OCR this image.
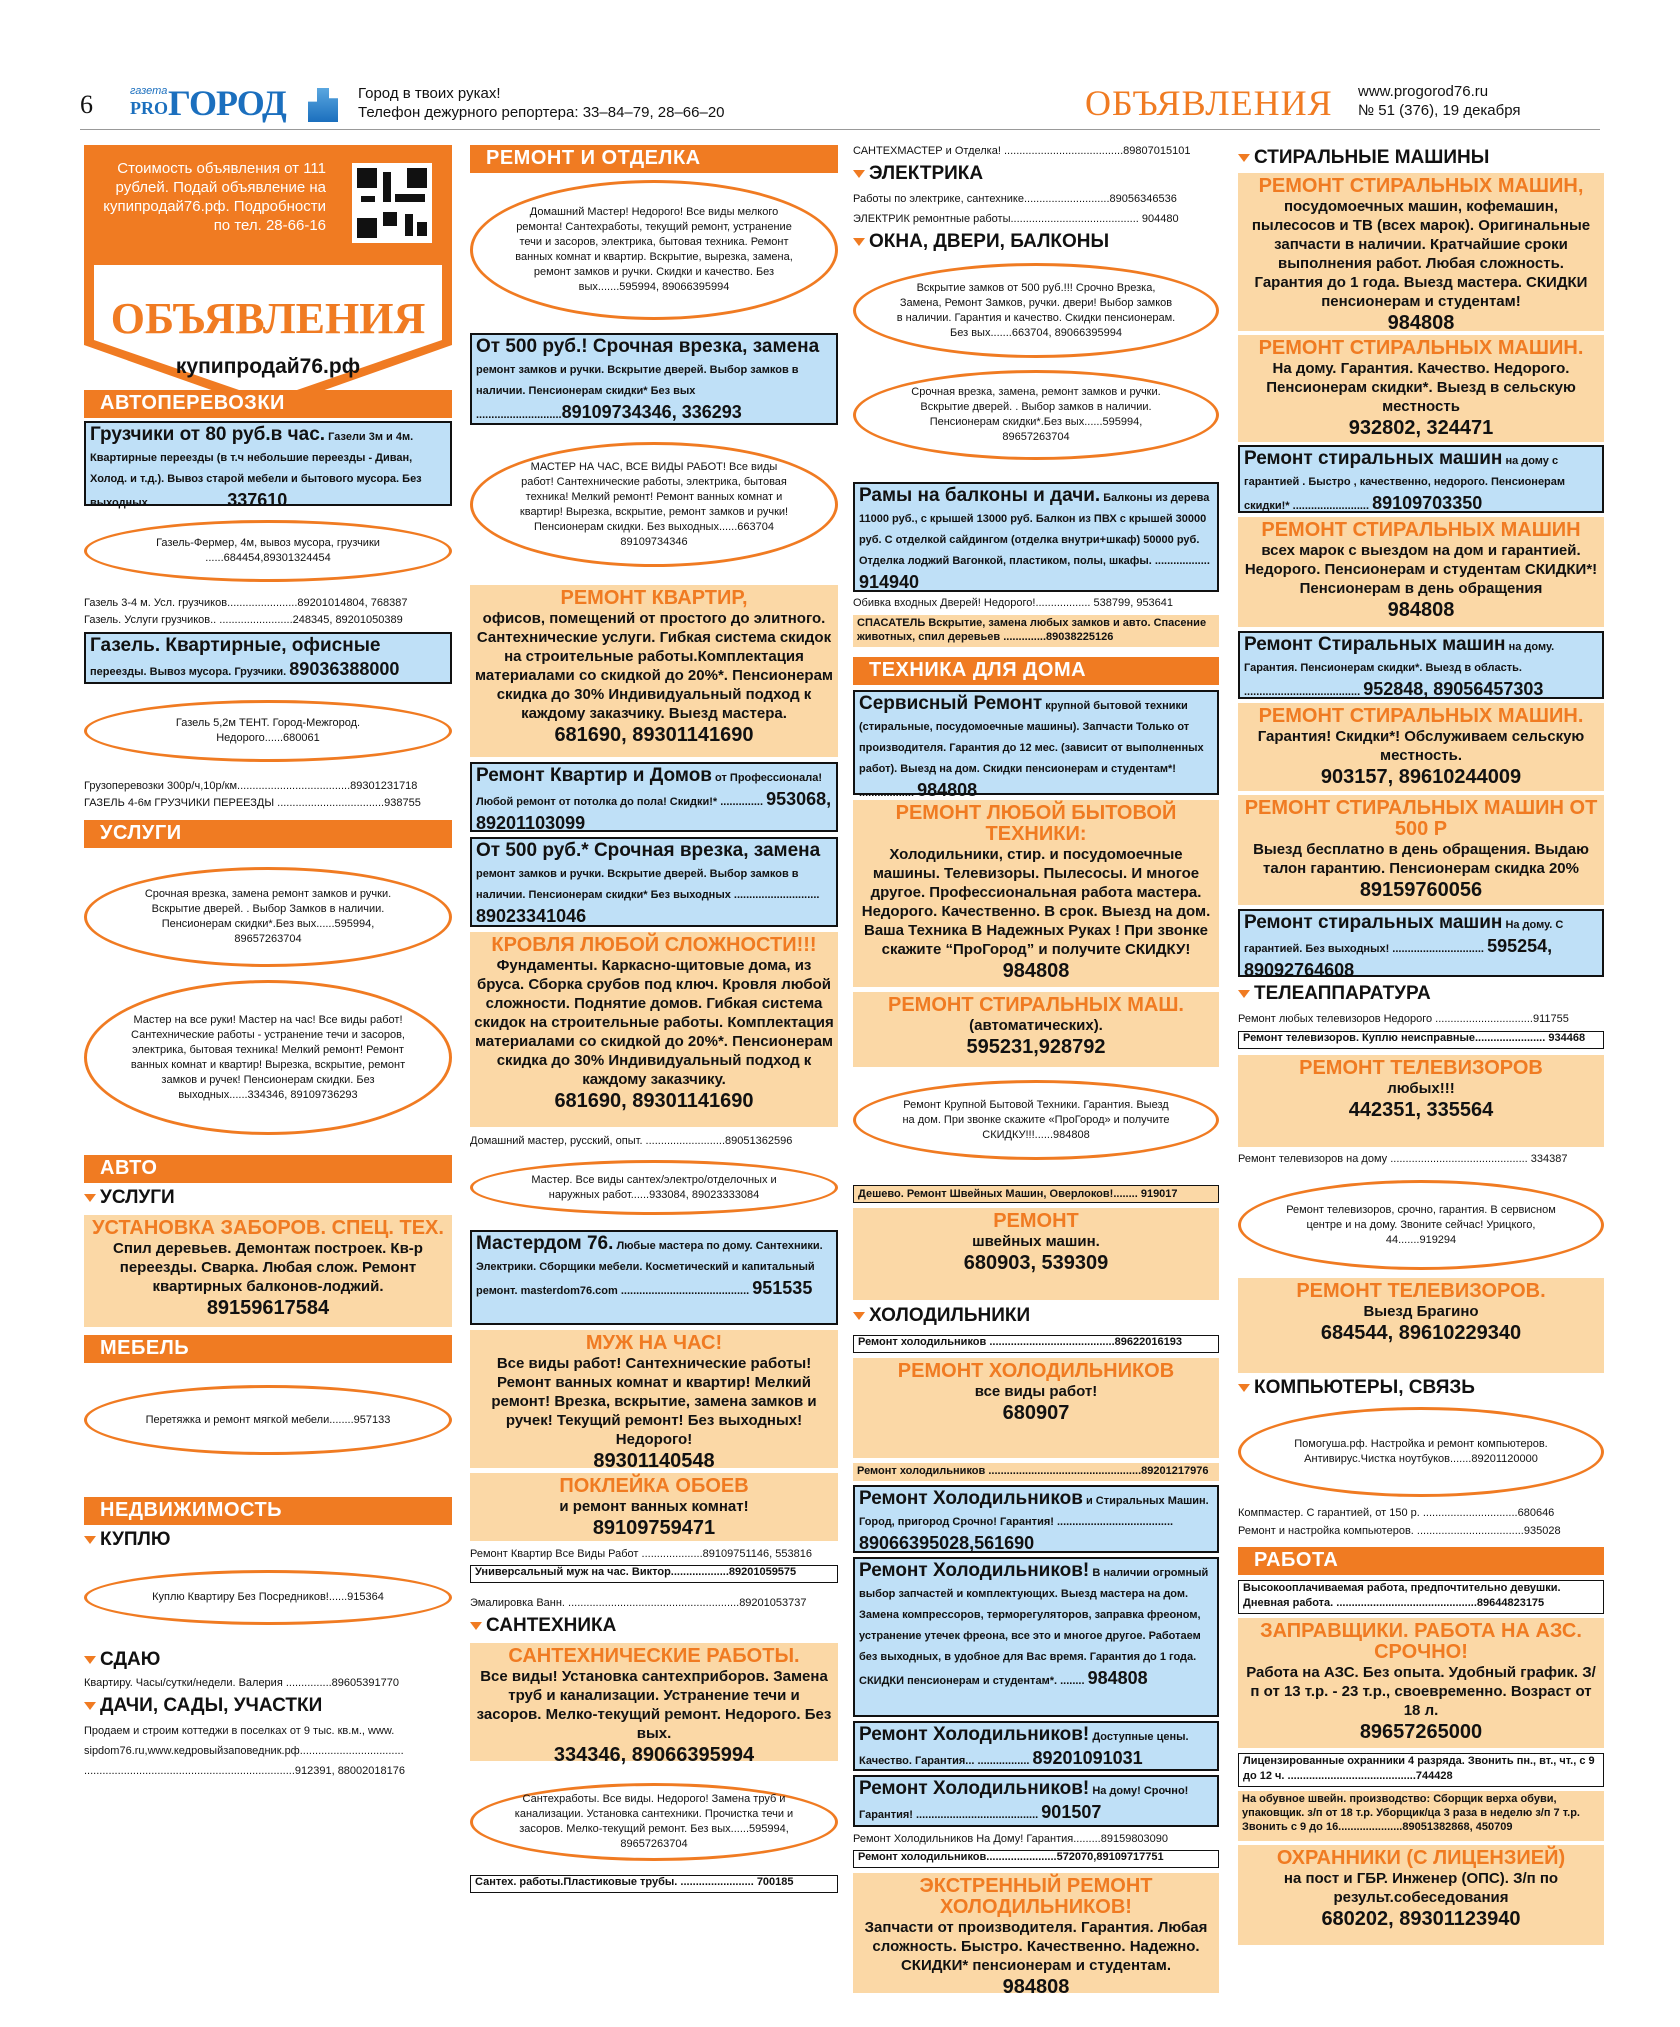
6	газета
PRO ГОРОД	Город в твоих руках!
Телефон дежурного репортера: 33–84–79, 28–66–20	ОБЪЯВЛЕНИЯ www.progorod76.ru
№ 51 (376), 19 декабря
Стоимость объявления от 111 рублей. Подай объявление на купипродай76.рф. Подробности по тел. 28-66-16
ОБЪЯВЛЕНИЯ
купипродай76.рф
АВТОПЕРЕВОЗКИ
Грузчики от 80 руб.в час. Газели 3м и 4м. Квартирные переезды (в т.ч небольшие переезды - Диван, Холод. и т.д.). Вывоз старой мебели и бытового мусора. Без выходных ........................ 337610
Газель-Фермер, 4м, вывоз мусора, грузчики ......684454,89301324454
Газель 3-4 м. Усл. грузчиков.......................89201014804, 768387
Газель. Услуги грузчиков.. ........................248345, 89201050389
Газель. Квартирные, офисные
переезды. Вывоз мусора. Грузчики. 89036388000
Газель 5,2м ТЕНТ. Город-Межгород. Недорого......680061
Грузоперевозки 300р/ч,10р/км.....................................89301231718
ГАЗЕЛЬ 4-6м ГРУЗЧИКИ ПЕРЕЕЗДЫ ...................................938755
УСЛУГИ
Срочная врезка, замена ремонт замков и ручки. Вскрытие дверей. . Выбор Замков в наличии. Пенсионерам скидки*.Без вых......595994, 89657263704
Мастер на все руки! Мастер на час! Все виды работ! Сантехнические работы - устранение течи и засоров, электрика, бытовая техника! Мелкий ремонт! Ремонт ванных комнат и квартир! Вырезка, вскрытие, ремонт замков и ручек! Пенсионерам скидки. Без выходных......334346, 89109736293
АВТО
УСЛУГИ
УСТАНОВКА ЗАБОРОВ. СПЕЦ. ТЕХ.
Спил деревьев. Демонтаж построек. Кв-р переезды. Сварка. Любая слож. Ремонт квартирных балконов-лоджий.
89159617584
МЕБЕЛЬ
Перетяжка и ремонт мягкой мебели........957133
НЕДВИЖИМОСТЬ
КУПЛЮ
Куплю Квартиру Без Посредников!......915364
СДАЮ
Квартиру. Часы/сутки/недели. Валерия ...............89605391770
ДАЧИ, САДЫ, УЧАСТКИ
Продаем и строим коттеджи в поселках от 9 тыс. кв.м., www.
sipdom76.ru,www.кедровыйзаповедник.рф..................................
.....................................................................912391, 88002018176
РЕМОНТ И ОТДЕЛКА
Домашний Мастер! Недорого! Все виды мелкого ремонта! Сантехработы, текущий ремонт, устранение течи и засоров, электрика, бытовая техника. Ремонт ванных комнат и квартир. Вскрытие, вырезка, замена, ремонт замков и ручки. Скидки и качество. Без вых.......595994, 89066395994
От 500 руб.! Срочная врезка, замена
ремонт замков и ручки. Вскрытие дверей. Выбор замков в наличии. Пенсионерам скидки* Без вых ............................89109734346, 336293
МАСТЕР НА ЧАС, ВСЕ ВИДЫ РАБОТ! Все виды работ! Сантехнические работы, электрика, бытовая техника! Мелкий ремонт! Ремонт ванных комнат и квартир! Вырезка, вскрытие, ремонт замков и ручки! Пенсионерам скидки. Без выходных......663704 89109734346
РЕМОНТ КВАРТИР,
офисов, помещений от простого до элитного. Сантехнические услуги. Гибкая система скидок на строительные работы.Комплектация материалами со скидкой до 20%*. Пенсионерам скидка до 30% Индивидуальный подход к каждому заказчику. Выезд мастера.
681690, 89301141690
Ремонт Квартир и Домов от Профессионала! Любой ремонт от потолка до пола! Скидки!* .............. 953068, 89201103099
От 500 руб.* Срочная врезка, замена ремонт замков и ручки. Вскрытие дверей. Выбор замков в наличии. Пенсионерам скидки* Без выходных ............................ 89023341046
КРОВЛЯ ЛЮБОЙ СЛОЖНОСТИ!!!
Фундаменты. Каркасно-щитовые дома, из бруса. Сборка срубов под ключ. Кровля любой сложности. Поднятие домов. Гибкая система скидок на строительные работы. Комплектация материалами со скидкой до 20%*. Пенсионерам скидка до 30% Индивидуальный подход к каждому заказчику.
681690, 89301141690
Домашний мастер, русский, опыт. ..........................89051362596
Мастер. Все виды сантех/электро/отделочных и наружных работ......933084, 89023333084
Мастердом 76. Любые мастера по дому. Сантехники. Электрики. Сборщики мебели. Косметический и капитальный ремонт. masterdom76.com .......................................... 951535
МУЖ НА ЧАС!
Все виды работ! Сантехнические работы! Ремонт ванных комнат и квартир! Мелкий ремонт! Врезка, вскрытие, замена замков и ручек! Текущий ремонт! Без выходных! Недорого!
89301140548
ПОКЛЕЙКА ОБОЕВ
и ремонт ванных комнат!
89109759471
Ремонт Квартир Все Виды Работ ....................89109751146, 553816
Универсальный муж на час. Виктор...................89201059575
Эмалировка Ванн. ........................................................89201053737
САНТЕХНИКА
САНТЕХНИЧЕСКИЕ РАБОТЫ.
Все виды! Установка сантехприборов. Замена труб и канализации. Устранение течи и засоров. Мелко-текущий ремонт. Недорого. Без вых.
334346, 89066395994
Сантехработы. Все виды. Недорого! Замена труб и канализации. Установка сантехники. Прочистка течи и засоров. Мелко-текущий ремонт. Без вых......595994, 89657263704
Сантех. работы.Пластиковые трубы. ........................ 700185
САНТЕХМАСТЕР и Отделка! .......................................89807015101
ЭЛЕКТРИКА
Работы по электрике, сантехнике............................89056346536
ЭЛЕКТРИК ремонтные работы.......................................... 904480
ОКНА, ДВЕРИ, БАЛКОНЫ
Вскрытие замков от 500 руб.!!! Срочно Врезка, Замена, Ремонт Замков, ручки. двери! Выбор замков в наличии. Гарантия и качество. Скидки пенсионерам. Без вых.......663704, 89066395994
Срочная врезка, замена, ремонт замков и ручки. Вскрытие дверей. . Выбор замков в наличии. Пенсионерам скидки*.Без вых......595994, 89657263704
Рамы на балконы и дачи. Балконы из дерева 11000 руб., с крышей 13000 руб. Балкон из ПВХ с крышей 30000 руб. С отделкой сайдингом (отделка внутри+шкаф) 50000 руб. Отделка лоджий Вагонкой, пластиком, полы, шкафы. .................. 914940
Обивка входных Дверей! Недорого!.................. 538799, 953641
СПАСАТЕЛЬ Вскрытие, замена любых замков и авто. Спасение животных, спил деревьев ..............89038225126
ТЕХНИКА ДЛЯ ДОМА
Сервисный Ремонт крупной бытовой техники (стиральные, посудомоечные машины). Запчасти Только от производителя. Гарантия до 12 мес. (зависит от выполненных работ). Выезд на дом. Скидки пенсионерам и студентам*! .................. 984808
РЕМОНТ ЛЮБОЙ БЫТОВОЙ ТЕХНИКИ:
Холодильники, стир. и посудомоечные машины. Телевизоры. Пылесосы. И многое другое. Профессиональная работа мастера. Недорого. Качественно. В срок. Выезд на дом. Ваша Техника В Надежных Руках ! При звонке скажите “ПроГород” и получите СКИДКУ!
984808
РЕМОНТ СТИРАЛЬНЫХ МАШ.
(автоматических).
595231,928792
Ремонт Крупной Бытовой Техники. Гарантия. Выезд на дом. При звонке скажите «ПроГород» и получите СКИДКУ!!!......984808
Дешево. Ремонт Швейных Машин, Оверлоков!........ 919017
РЕМОНТ
швейных машин.
680903, 539309
ХОЛОДИЛЬНИКИ
Ремонт холодильников .........................................89622016193
РЕМОНТ ХОЛОДИЛЬНИКОВ
все виды работ!
680907
Ремонт холодильников ..................................................89201217976
Ремонт Холодильников и Стиральных Машин. Город, пригород Срочно! Гарантия! ...................................... 89066395028,561690
Ремонт Холодильников! В наличии огромный выбор запчастей и комплектующих. Выезд мастера на дом. Замена компрессоров, терморегуляторов, заправка фреоном, устранение утечек фреона, все это и многое другое. Работаем без выходных, в удобное для Вас время. Гарантия до 1 года. СКИДКИ пенсионерам и студентам*. ........ 984808
Ремонт Холодильников! Доступные цены. Качество. Гарантия... ................. 89201091031
Ремонт Холодильников! На дому! Срочно! Гарантия! ........................................ 901507
Ремонт Холодильников На Дому! Гарантия.........89159803090
Ремонт холодильников.......................572070,89109717751
ЭКСТРЕННЫЙ РЕМОНТ ХОЛОДИЛЬНИКОВ!
Запчасти от производителя. Гарантия. Любая сложность. Быстро. Качественно. Надежно. СКИДКИ* пенсионерам и студентам.
984808
СТИРАЛЬНЫЕ МАШИНЫ
РЕМОНТ СТИРАЛЬНЫХ МАШИН,
посудомоечных машин, кофемашин, пылесосов и ТВ (всех марок). Оригинальные запчасти в наличии. Кратчайшие сроки выполнения работ. Любая сложность. Гарантия до 1 года. Выезд мастера. СКИДКИ пенсионерам и студентам!
984808
РЕМОНТ СТИРАЛЬНЫХ МАШИН.
На дому. Гарантия. Качество. Недорого. Пенсионерам скидки*. Выезд в сельскую местность
932802, 324471
Ремонт стиральных машин на дому с гарантией . Быстро , качественно, недорого. Пенсионерам скидки!* ......................... 89109703350
РЕМОНТ СТИРАЛЬНЫХ МАШИН
всех марок с выездом на дом и гарантией. Недорого. Пенсионерам и студентам СКИДКИ*! Пенсионерам в день обращения
984808
Ремонт Стиральных машин на дому. Гарантия. Пенсионерам скидки*. Выезд в область. ...................................... 952848, 89056457303
РЕМОНТ СТИРАЛЬНЫХ МАШИН.
Гарантия! Скидки*! Обслуживаем сельскую местность.
903157, 89610244009
РЕМОНТ СТИРАЛЬНЫХ МАШИН ОТ 500 Р
Выезд бесплатно в день обращения. Выдаю талон гарантию. Пенсионерам скидка 20%
89159760056
Ремонт стиральных машин На дому. С гарантией. Без выходных! .............................. 595254, 89092764608
ТЕЛЕАППАРАТУРА
Ремонт любых телевизоров Недорого ................................911755
Ремонт телевизоров. Куплю неисправные....................... 934468
РЕМОНТ ТЕЛЕВИЗОРОВ
любых!!!
442351, 335564
Ремонт телевизоров на дому ............................................. 334387
Ремонт телевизоров, срочно, гарантия. В сервисном центре и на дому. Звоните сейчас! Урицкого, 44.......919294
РЕМОНТ ТЕЛЕВИЗОРОВ.
Выезд Брагино
684544, 89610229340
КОМПЬЮТЕРЫ, СВЯЗЬ
Помогуша.рф. Настройка и ремонт компьютеров. Антивирус.Чистка ноутбуков.......89201120000
Компмастер. С гарантией, от 150 р. ...............................680646
Ремонт и настройка компьютеров. ...................................935028
РАБОТА
Высокооплачиваемая работа, предпочтительно девушки. Дневная работа. ..............................................89644823175
ЗАПРАВЩИКИ. РАБОТА НА АЗС. СРОЧНО!
Работа на АЗС. Без опыта. Удобный график. З/п от 13 т.р. - 23 т.р., своевременно. Возраст от 18 л.
89657265000
Лицензированные охранники 4 разряда. Звонить пн., вт., чт., с 9 до 12 ч. ..........................................744428
На обувное швейн. производство: Сборщик верха обуви, упаковщик. з/п от 18 т.р. Уборщик/ца 3 раза в неделю з/п 7 т.р. Звонить с 9 до 16.....................89051382868, 450709
ОХРАННИКИ (С ЛИЦЕНЗИЕЙ)
на пост и ГБР. Инженер (ОПС). З/п по результ.собеседования
680202, 89301123940
